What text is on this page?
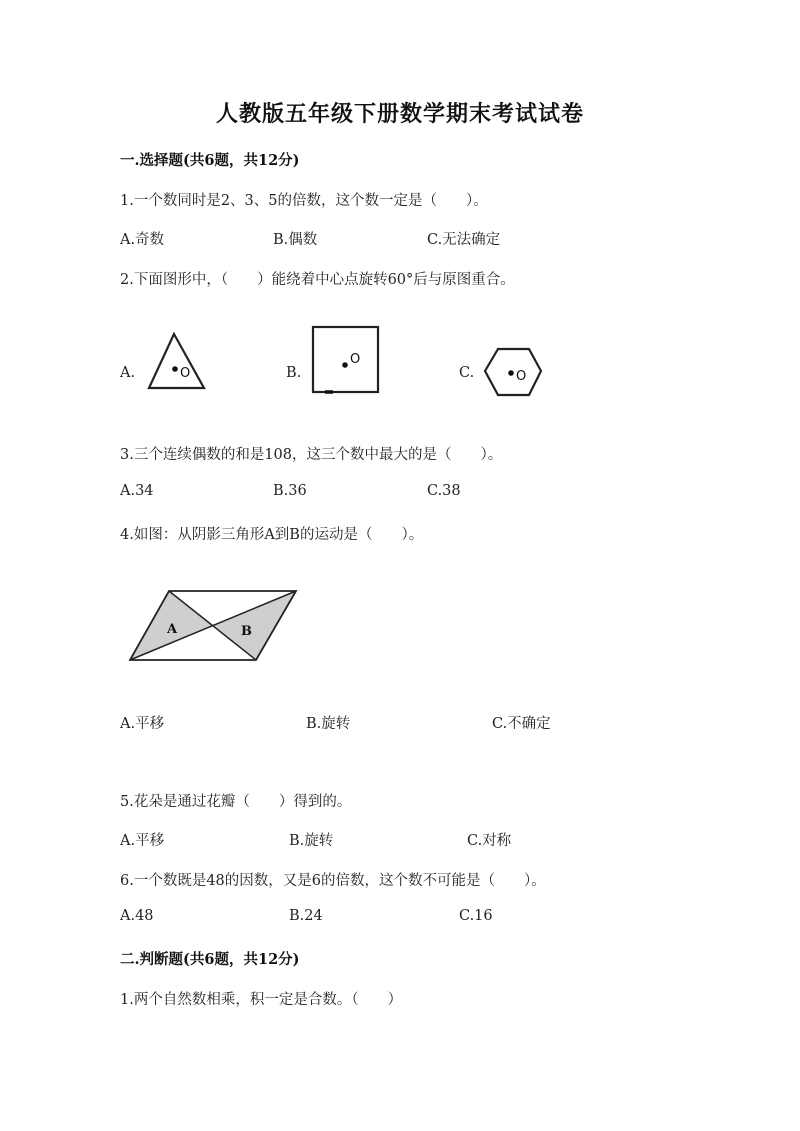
人教版五年级下册数学期末考试试卷
一.选择题(共6题，共12分)
1.一个数同时是2、3、5的倍数，这个数一定是（　　）。
A.奇数	B.偶数	C.无法确定
2.下面图形中，（　　）能绕着中心点旋转60°后与原图重合。
A.	B.	C.
O
O
O
3.三个连续偶数的和是108，这三个数中最大的是（　　）。
A.34	B.36	C.38
4.如图：从阴影三角形A到B的运动是（　　）。
A	B
A.平移	B.旋转	C.不确定
5.花朵是通过花瓣（　　）得到的。
A.平移	B.旋转	C.对称
6.一个数既是48的因数，又是6的倍数，这个数不可能是（　　）。
A.48	B.24	C.16
二.判断题(共6题，共12分)
1.两个自然数相乘，积一定是合数。（　　）
